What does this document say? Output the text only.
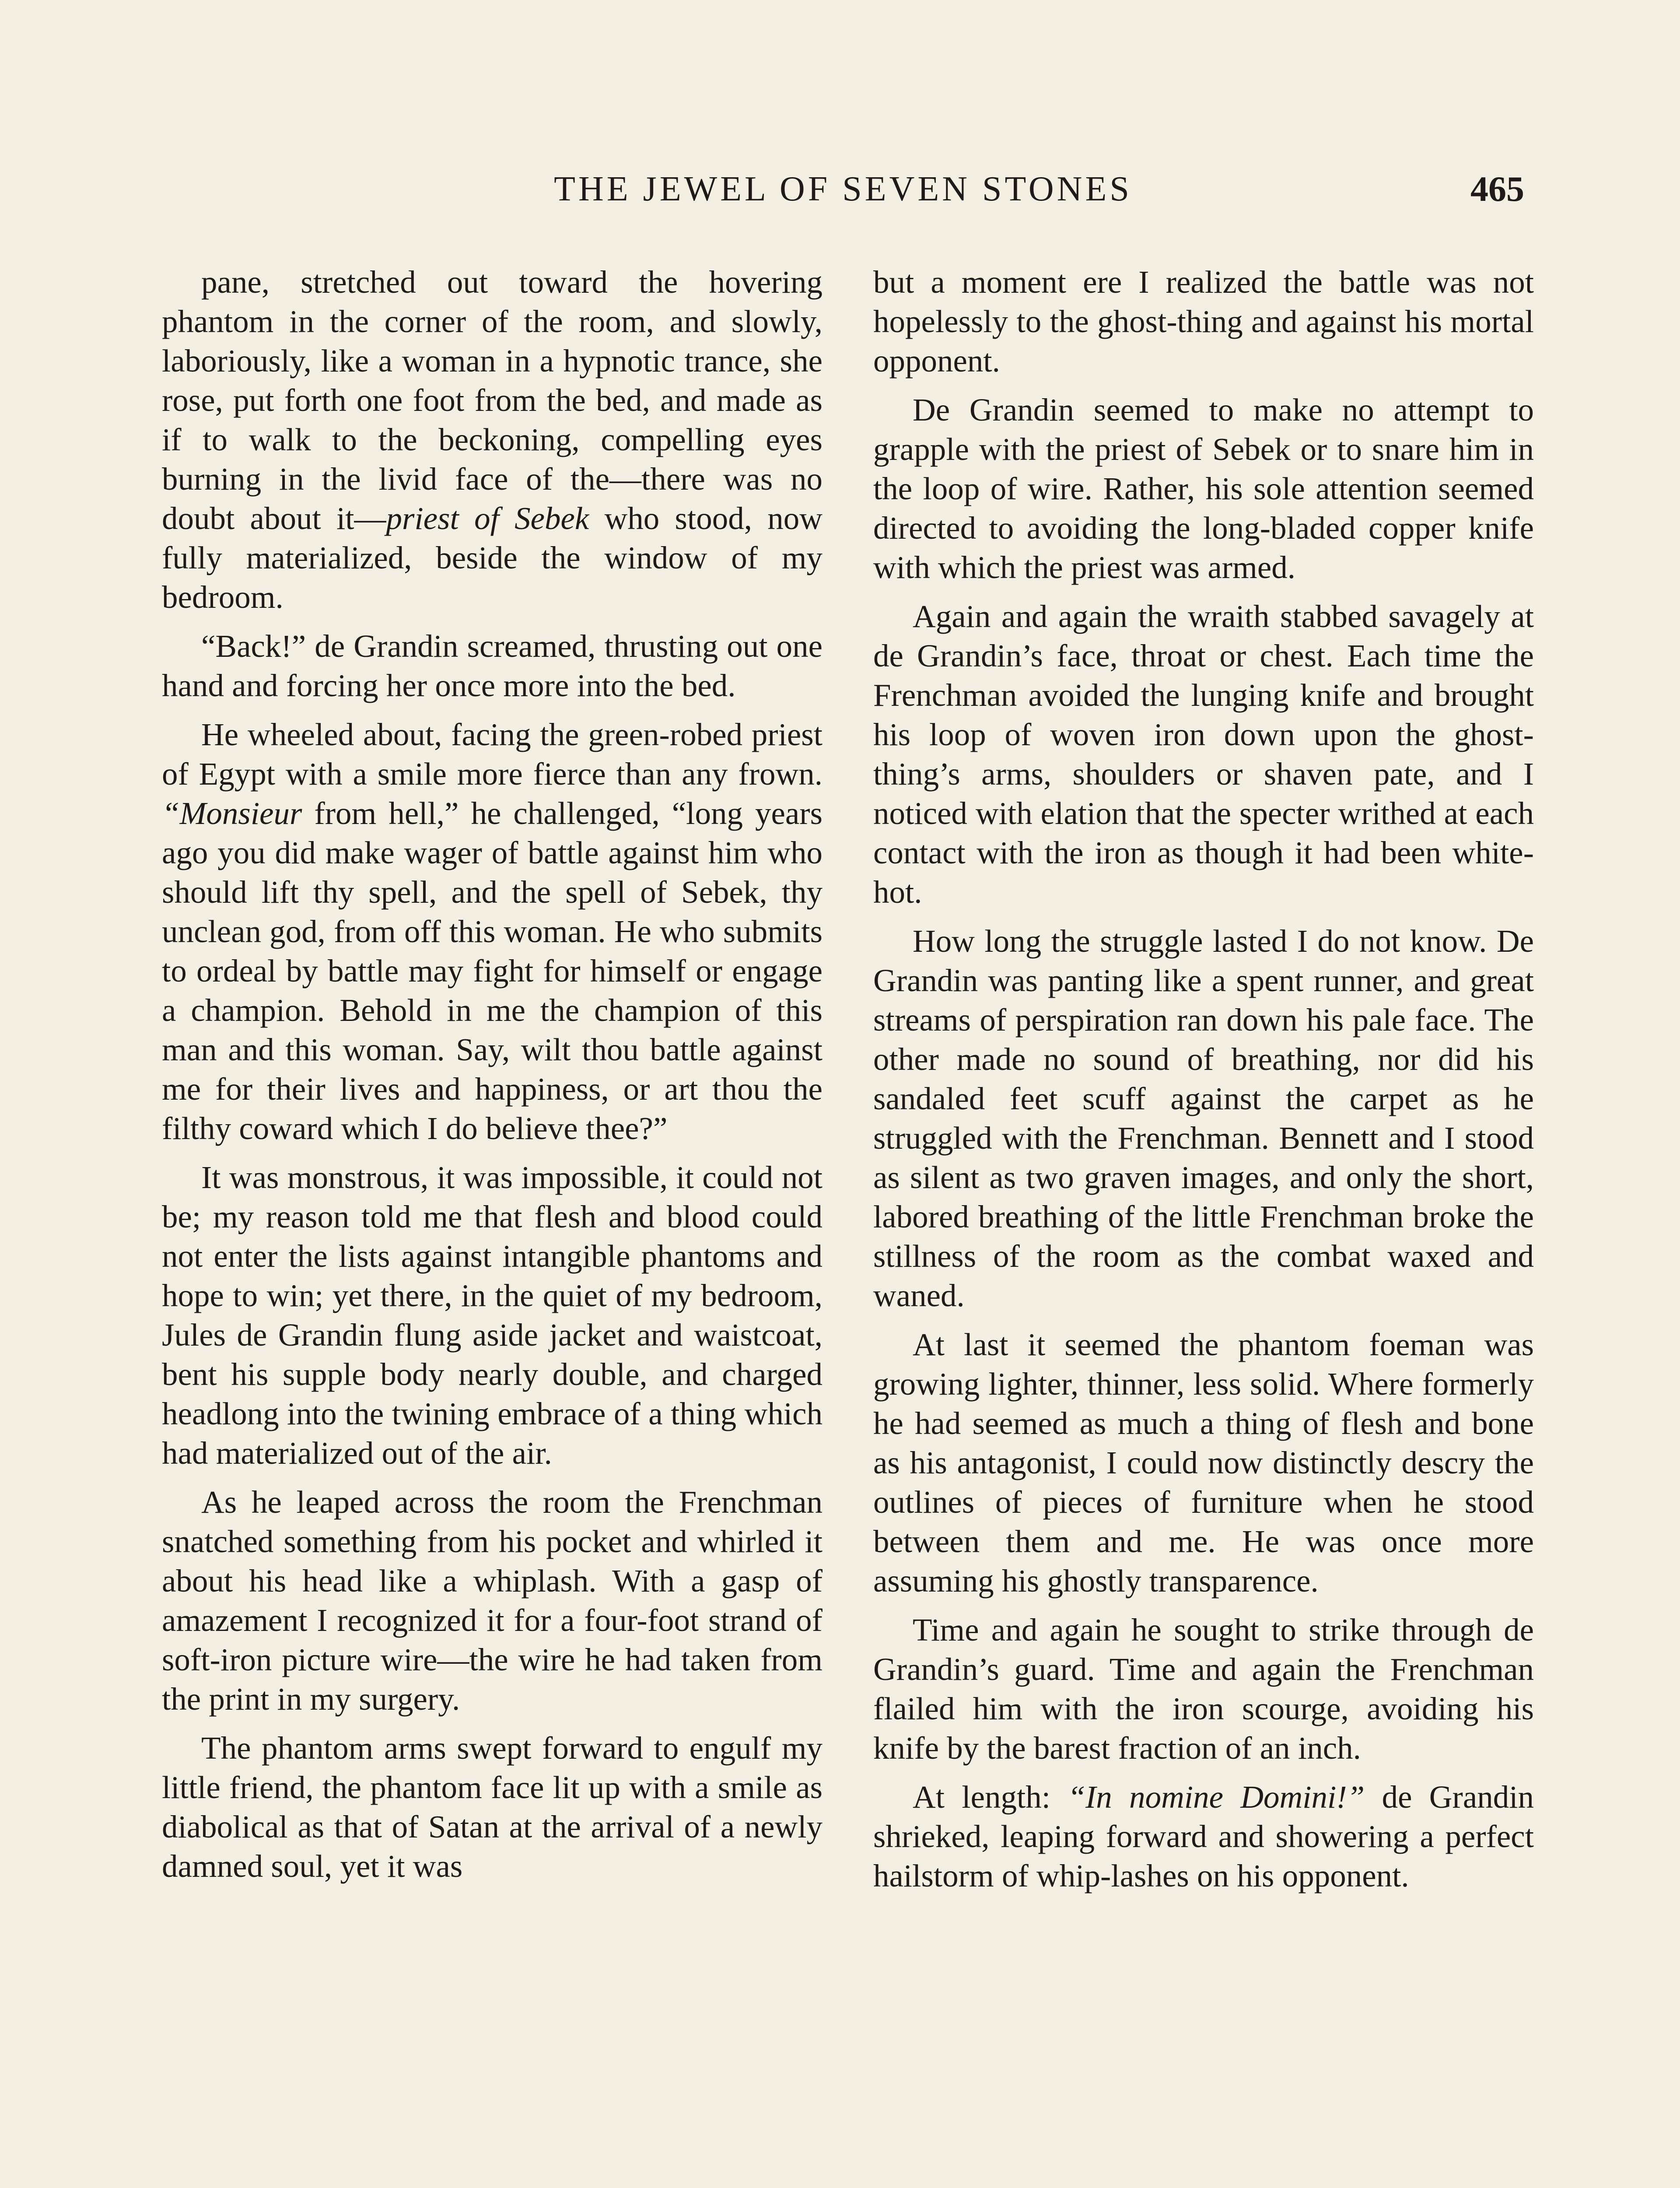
THE JEWEL OF SEVEN STONES	465

pane, stretched out toward the hovering phantom in the corner of the room, and slowly, laboriously, like a woman in a hypnotic trance, she rose, put forth one foot from the bed, and made as if to walk to the beckoning, compelling eyes burning in the livid face of the—there was no doubt about it—priest of Sebek who stood, now fully materialized, beside the window of my bedroom.

“Back!” de Grandin screamed, thrusting out one hand and forcing her once more into the bed.

He wheeled about, facing the green-robed priest of Egypt with a smile more fierce than any frown. “Monsieur from hell,” he challenged, “long years ago you did make wager of battle against him who should lift thy spell, and the spell of Sebek, thy unclean god, from off this woman. He who submits to ordeal by battle may fight for himself or engage a champion. Behold in me the champion of this man and this woman. Say, wilt thou battle against me for their lives and happiness, or art thou the filthy coward which I do believe thee?”

It was monstrous, it was impossible, it could not be; my reason told me that flesh and blood could not enter the lists against intangible phantoms and hope to win; yet there, in the quiet of my bedroom, Jules de Grandin flung aside jacket and waistcoat, bent his supple body nearly double, and charged headlong into the twining embrace of a thing which had materialized out of the air.

As he leaped across the room the Frenchman snatched something from his pocket and whirled it about his head like a whiplash. With a gasp of amazement I recognized it for a four-foot strand of soft-iron picture wire—the wire he had taken from the print in my surgery.

The phantom arms swept forward to engulf my little friend, the phantom face lit up with a smile as diabolical as that of Satan at the arrival of a newly damned soul, yet it was

but a moment ere I realized the battle was not hopelessly to the ghost-thing and against his mortal opponent.

De Grandin seemed to make no attempt to grapple with the priest of Sebek or to snare him in the loop of wire. Rather, his sole attention seemed directed to avoiding the long-bladed copper knife with which the priest was armed.

Again and again the wraith stabbed savagely at de Grandin’s face, throat or chest. Each time the Frenchman avoided the lunging knife and brought his loop of woven iron down upon the ghost-thing’s arms, shoulders or shaven pate, and I noticed with elation that the specter writhed at each contact with the iron as though it had been white-hot.

How long the struggle lasted I do not know. De Grandin was panting like a spent runner, and great streams of perspiration ran down his pale face. The other made no sound of breathing, nor did his sandaled feet scuff against the carpet as he struggled with the Frenchman. Bennett and I stood as silent as two graven images, and only the short, labored breathing of the little Frenchman broke the stillness of the room as the combat waxed and waned.

At last it seemed the phantom foeman was growing lighter, thinner, less solid. Where formerly he had seemed as much a thing of flesh and bone as his antagonist, I could now distinctly descry the outlines of pieces of furniture when he stood between them and me. He was once more assuming his ghostly transparence.

Time and again he sought to strike through de Grandin’s guard. Time and again the Frenchman flailed him with the iron scourge, avoiding his knife by the barest fraction of an inch.

At length: “In nomine Domini!” de Grandin shrieked, leaping forward and showering a perfect hailstorm of whip-lashes on his opponent.
